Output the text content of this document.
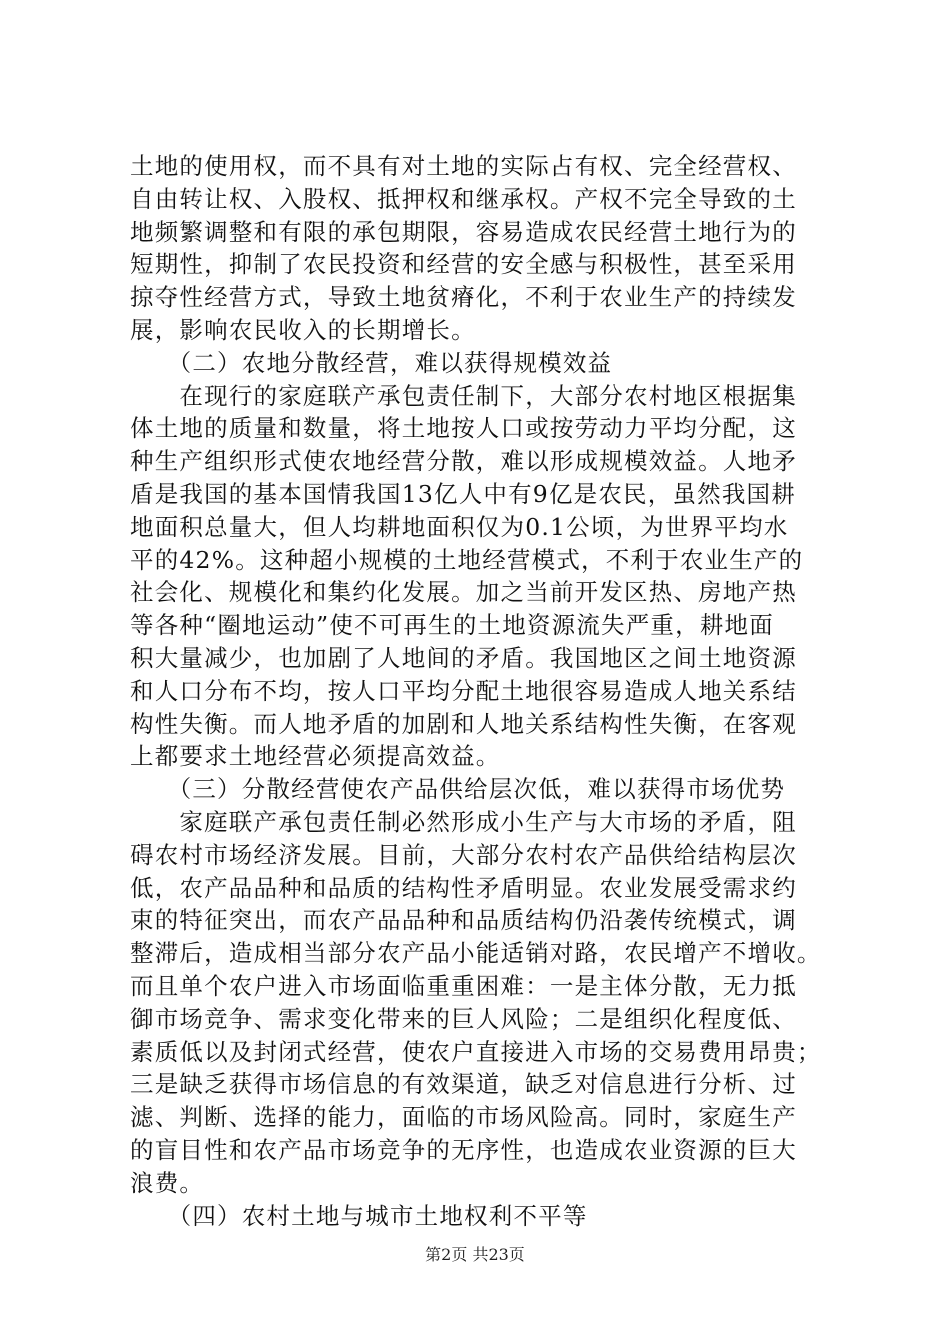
土地的使用权，而不具有对土地的实际占有权、完全经营权、
自由转让权、入股权、抵押权和继承权。产权不完全导致的土
地频繁调整和有限的承包期限，容易造成农民经营土地行为的
短期性，抑制了农民投资和经营的安全感与积极性，甚至采用
掠夺性经营方式，导致土地贫瘠化，不利于农业生产的持续发
展，影响农民收入的长期增长。
　　（二）农地分散经营，难以获得规模效益
　　在现行的家庭联产承包责任制下，大部分农村地区根据集
体土地的质量和数量，将土地按人口或按劳动力平均分配，这
种生产组织形式使农地经营分散，难以形成规模效益。人地矛
盾是我国的基本国情我国13亿人中有9亿是农民，虽然我国耕
地面积总量大，但人均耕地面积仅为0.1公顷，为世界平均水
平的42%。这种超小规模的土地经营模式，不利于农业生产的
社会化、规模化和集约化发展。加之当前开发区热、房地产热
等各种“圈地运动”使不可再生的土地资源流失严重，耕地面
积大量减少，也加剧了人地间的矛盾。我国地区之间土地资源
和人口分布不均，按人口平均分配土地很容易造成人地关系结
构性失衡。而人地矛盾的加剧和人地关系结构性失衡，在客观
上都要求土地经营必须提高效益。
　　（三）分散经营使农产品供给层次低，难以获得市场优势
　　家庭联产承包责任制必然形成小生产与大市场的矛盾，阻
碍农村市场经济发展。目前，大部分农村农产品供给结构层次
低，农产品品种和品质的结构性矛盾明显。农业发展受需求约
束的特征突出，而农产品品种和品质结构仍沿袭传统模式，调
整滞后，造成相当部分农产品小能适销对路，农民增产不增收。
而且单个农户进入市场面临重重困难：一是主体分散，无力抵
御市场竞争、需求变化带来的巨人风险；二是组织化程度低、
素质低以及封闭式经营，使农户直接进入市场的交易费用昂贵；
三是缺乏获得市场信息的有效渠道，缺乏对信息进行分析、过
滤、判断、选择的能力，面临的市场风险高。同时，家庭生产
的盲目性和农产品市场竞争的无序性，也造成农业资源的巨大
浪费。
　　（四）农村土地与城市土地权利不平等
第2页 共23页
